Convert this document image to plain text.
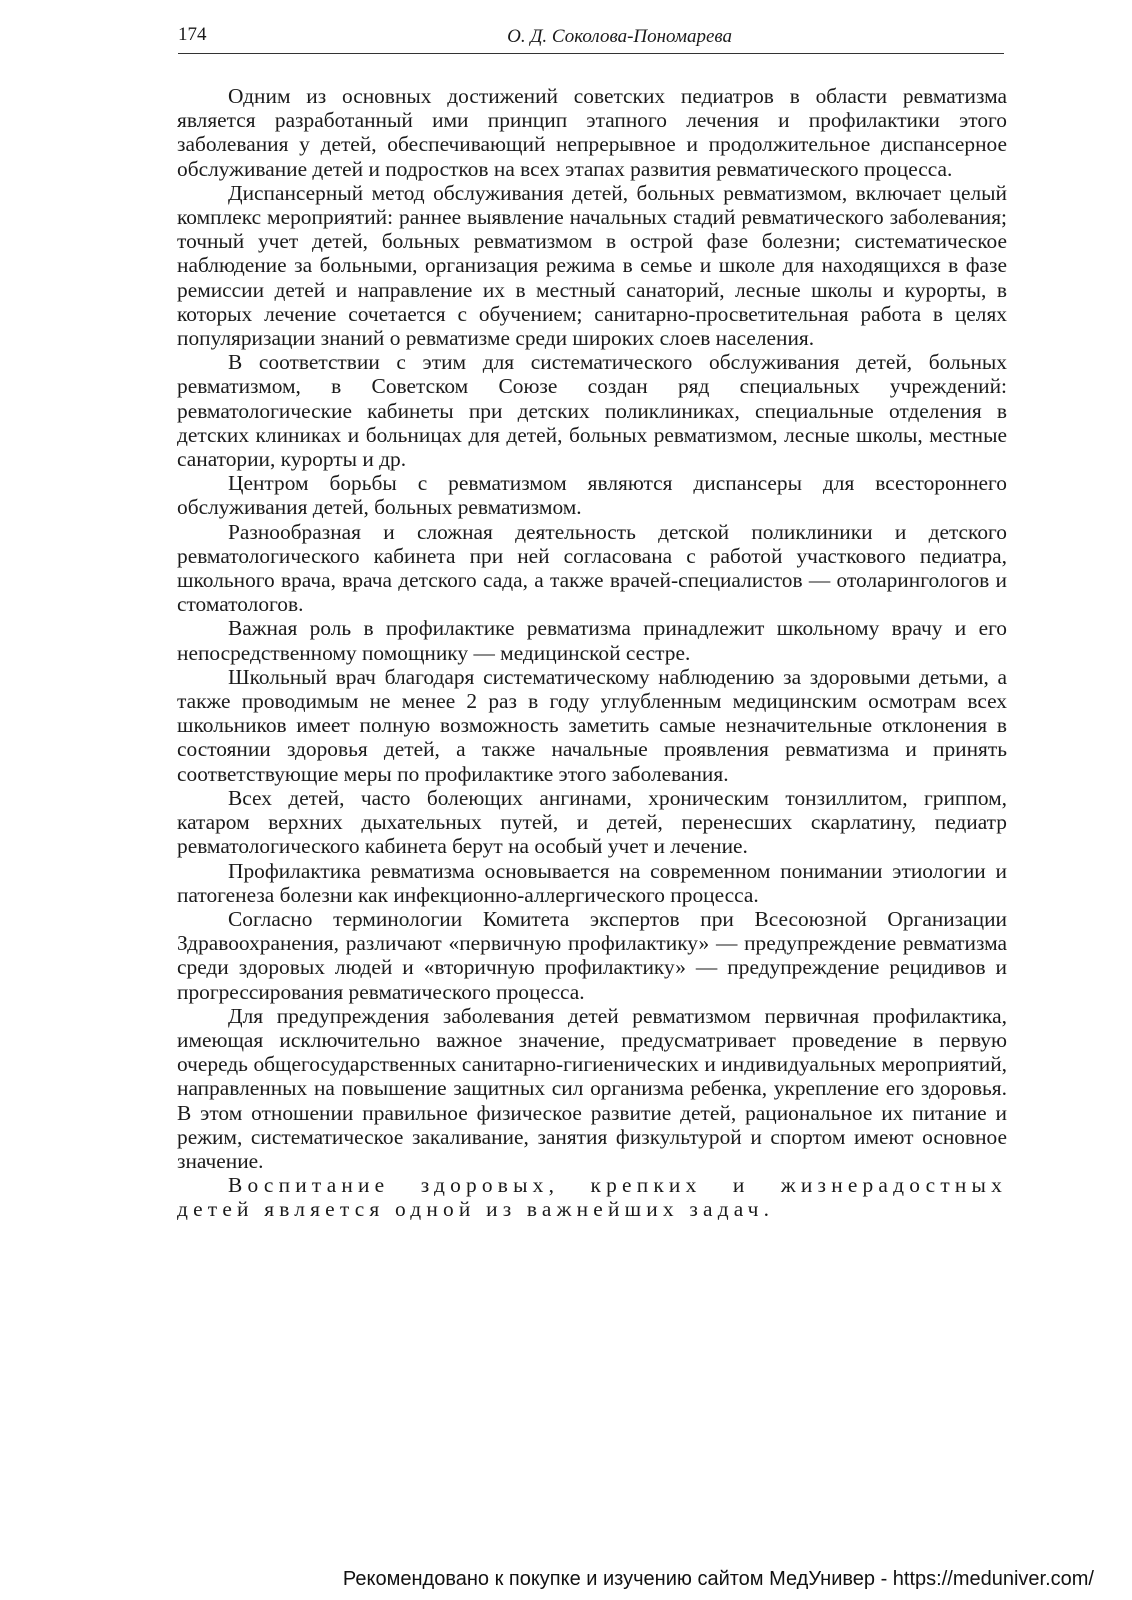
174	О. Д. Соколова-Пономарева

Одним из основных достижений советских педиатров в области ревматизма является разработанный ими принцип этапного лечения и профилактики этого заболевания у детей, обеспечивающий непрерывное и продолжительное диспансерное обслуживание детей и подростков на всех этапах развития ревматического процесса.

Диспансерный метод обслуживания детей, больных ревматизмом, включает целый комплекс мероприятий: раннее выявление начальных стадий ревматического заболевания; точный учет детей, больных ревматизмом в острой фазе болезни; систематическое наблюдение за больными, организация режима в семье и школе для находящихся в фазе ремиссии детей и направление их в местный санаторий, лесные школы и курорты, в которых лечение сочетается с обучением; санитарно-просветительная работа в целях популяризации знаний о ревматизме среди широких слоев населения.

В соответствии с этим для систематического обслуживания детей, больных ревматизмом, в Советском Союзе создан ряд специальных учреждений: ревматологические кабинеты при детских поликлиниках, специальные отделения в детских клиниках и больницах для детей, больных ревматизмом, лесные школы, местные санатории, курорты и др.

Центром борьбы с ревматизмом являются диспансеры для всестороннего обслуживания детей, больных ревматизмом.

Разнообразная и сложная деятельность детской поликлиники и детского ревматологического кабинета при ней согласована с работой участкового педиатра, школьного врача, врача детского сада, а также врачей-специалистов — отоларингологов и стоматологов.

Важная роль в профилактике ревматизма принадлежит школьному врачу и его непосредственному помощнику — медицинской сестре.

Школьный врач благодаря систематическому наблюдению за здоровыми детьми, а также проводимым не менее 2 раз в году углубленным медицинским осмотрам всех школьников имеет полную возможность заметить самые незначительные отклонения в состоянии здоровья детей, а также начальные проявления ревматизма и принять соответствующие меры по профилактике этого заболевания.

Всех детей, часто болеющих ангинами, хроническим тонзиллитом, гриппом, катаром верхних дыхательных путей, и детей, перенесших скарлатину, педиатр ревматологического кабинета берут на особый учет и лечение.

Профилактика ревматизма основывается на современном понимании этиологии и патогенеза болезни как инфекционно-аллергического процесса.

Согласно терминологии Комитета экспертов при Всесоюзной Организации Здравоохранения, различают «первичную профилактику» — предупреждение ревматизма среди здоровых людей и «вторичную профилактику» — предупреждение рецидивов и прогрессирования ревматического процесса.

Для предупреждения заболевания детей ревматизмом первичная профилактика, имеющая исключительно важное значение, предусматривает проведение в первую очередь общегосударственных санитарно-гигиенических и индивидуальных мероприятий, направленных на повышение защитных сил организма ребенка, укрепление его здоровья. В этом отношении правильное физическое развитие детей, рациональное их питание и режим, систематическое закаливание, занятия физкультурой и спортом имеют основное значение.

Воспитание здоровых, крепких и жизнерадостных детей является одной из важнейших задач.

Рекомендовано к покупке и изучению сайтом МедУнивер - https://meduniver.com/
